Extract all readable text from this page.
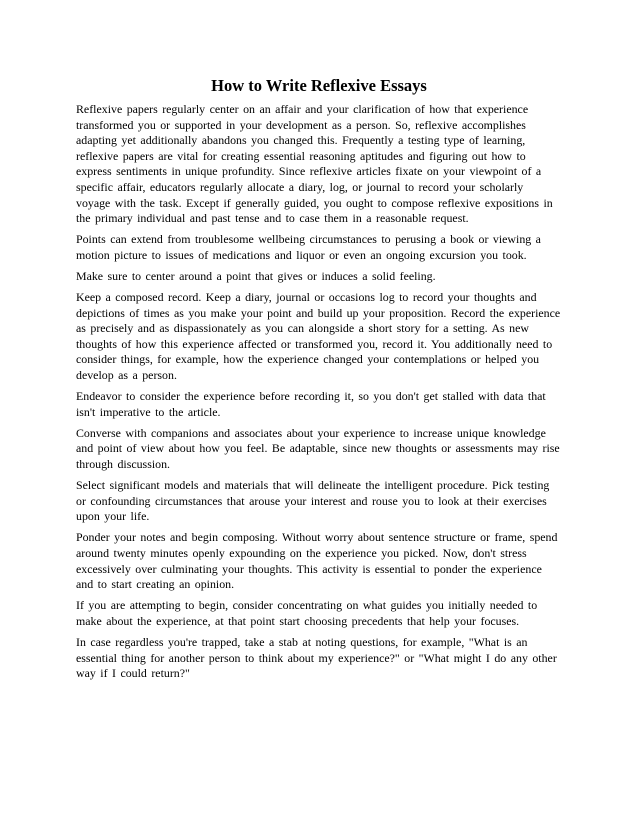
How to Write Reflexive Essays

Reflexive papers regularly center on an affair and your clarification of how that experience
transformed you or supported in your development as a person. So, reflexive accomplishes
adapting yet additionally abandons you changed this. Frequently a testing type of learning,
reflexive papers are vital for creating essential reasoning aptitudes and figuring out how to
express sentiments in unique profundity. Since reflexive articles fixate on your viewpoint of a
specific affair, educators regularly allocate a diary, log, or journal to record your scholarly
voyage with the task. Except if generally guided, you ought to compose reflexive expositions in
the primary individual and past tense and to case them in a reasonable request.

Points can extend from troublesome wellbeing circumstances to perusing a book or viewing a
motion picture to issues of medications and liquor or even an ongoing excursion you took.

Make sure to center around a point that gives or induces a solid feeling.

Keep a composed record. Keep a diary, journal or occasions log to record your thoughts and
depictions of times as you make your point and build up your proposition. Record the experience
as precisely and as dispassionately as you can alongside a short story for a setting. As new
thoughts of how this experience affected or transformed you, record it. You additionally need to
consider things, for example, how the experience changed your contemplations or helped you
develop as a person.

Endeavor to consider the experience before recording it, so you don't get stalled with data that
isn't imperative to the article.

Converse with companions and associates about your experience to increase unique knowledge
and point of view about how you feel. Be adaptable, since new thoughts or assessments may rise
through discussion.

Select significant models and materials that will delineate the intelligent procedure. Pick testing
or confounding circumstances that arouse your interest and rouse you to look at their exercises
upon your life.

Ponder your notes and begin composing. Without worry about sentence structure or frame, spend
around twenty minutes openly expounding on the experience you picked. Now, don't stress
excessively over culminating your thoughts. This activity is essential to ponder the experience
and to start creating an opinion.

If you are attempting to begin, consider concentrating on what guides you initially needed to
make about the experience, at that point start choosing precedents that help your focuses.

In case regardless you're trapped, take a stab at noting questions, for example, "What is an
essential thing for another person to think about my experience?" or "What might I do any other
way if I could return?"
